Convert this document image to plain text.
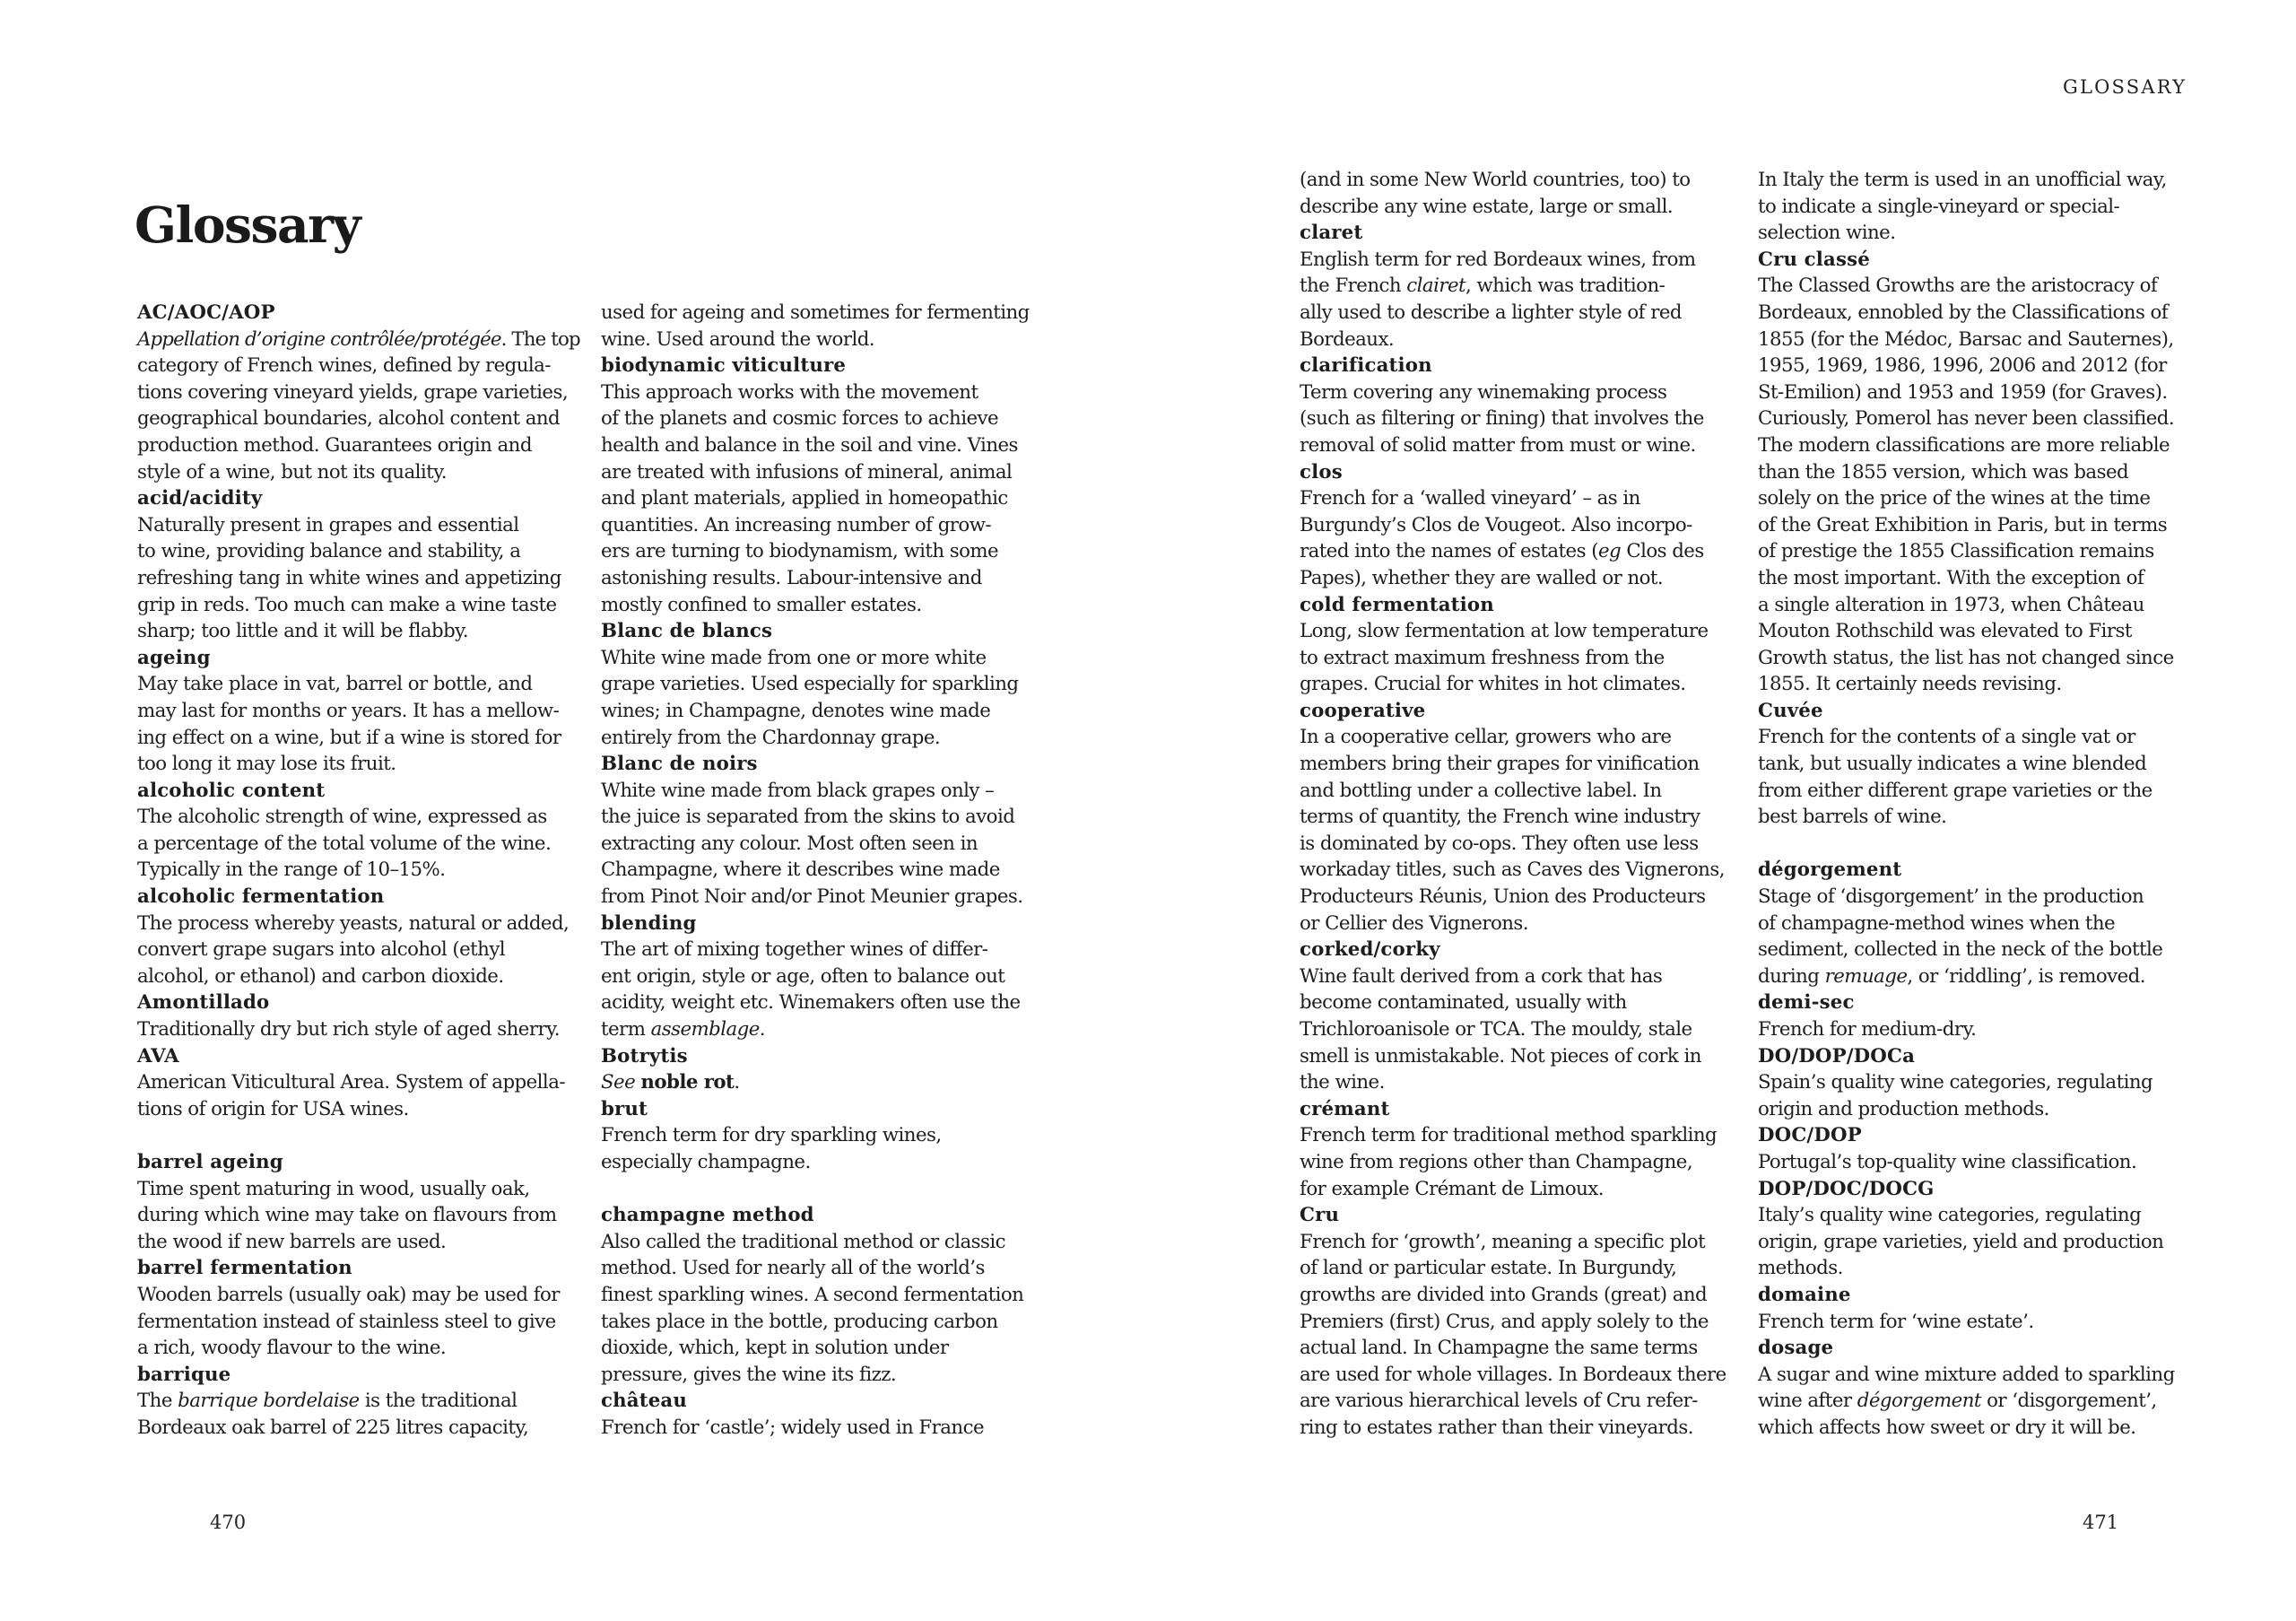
GLOSSARY
Glossary
AC/AOC/AOP
Appellation d’origine contrôlée/protégée. The top
category of French wines, defined by regula-
tions covering vineyard yields, grape varieties,
geographical boundaries, alcohol content and
production method. Guarantees origin and
style of a wine, but not its quality.
acid/acidity
Naturally present in grapes and essential
to wine, providing balance and stability, a
refreshing tang in white wines and appetizing
grip in reds. Too much can make a wine taste
sharp; too little and it will be flabby.
ageing
May take place in vat, barrel or bottle, and
may last for months or years. It has a mellow-
ing effect on a wine, but if a wine is stored for
too long it may lose its fruit.
alcoholic content
The alcoholic strength of wine, expressed as
a percentage of the total volume of the wine.
Typically in the range of 10–15%.
alcoholic fermentation
The process whereby yeasts, natural or added,
convert grape sugars into alcohol (ethyl
alcohol, or ethanol) and carbon dioxide.
Amontillado
Traditionally dry but rich style of aged sherry.
AVA
American Viticultural Area. System of appella-
tions of origin for USA wines.
barrel ageing
Time spent maturing in wood, usually oak,
during which wine may take on flavours from
the wood if new barrels are used.
barrel fermentation
Wooden barrels (usually oak) may be used for
fermentation instead of stainless steel to give
a rich, woody flavour to the wine.
barrique
The barrique bordelaise is the traditional
Bordeaux oak barrel of 225 litres capacity,
used for ageing and sometimes for fermenting
wine. Used around the world.
biodynamic viticulture
This approach works with the movement
of the planets and cosmic forces to achieve
health and balance in the soil and vine. Vines
are treated with infusions of mineral, animal
and plant materials, applied in homeopathic
quantities. An increasing number of grow-
ers are turning to biodynamism, with some
astonishing results. Labour-intensive and
mostly confined to smaller estates.
Blanc de blancs
White wine made from one or more white
grape varieties. Used especially for sparkling
wines; in Champagne, denotes wine made
entirely from the Chardonnay grape.
Blanc de noirs
White wine made from black grapes only –
the juice is separated from the skins to avoid
extracting any colour. Most often seen in
Champagne, where it describes wine made
from Pinot Noir and/or Pinot Meunier grapes.
blending
The art of mixing together wines of differ-
ent origin, style or age, often to balance out
acidity, weight etc. Winemakers often use the
term assemblage.
Botrytis
See noble rot.
brut
French term for dry sparkling wines,
especially champagne.
champagne method
Also called the traditional method or classic
method. Used for nearly all of the world’s
finest sparkling wines. A second fermentation
takes place in the bottle, producing carbon
dioxide, which, kept in solution under
pressure, gives the wine its fizz.
château
French for ‘castle’; widely used in France
(and in some New World countries, too) to
describe any wine estate, large or small.
claret
English term for red Bordeaux wines, from
the French clairet, which was tradition-
ally used to describe a lighter style of red
Bordeaux.
clarification
Term covering any winemaking process
(such as filtering or fining) that involves the
removal of solid matter from must or wine.
clos
French for a ‘walled vineyard’ – as in
Burgundy’s Clos de Vougeot. Also incorpo-
rated into the names of estates (eg Clos des
Papes), whether they are walled or not.
cold fermentation
Long, slow fermentation at low temperature
to extract maximum freshness from the
grapes. Crucial for whites in hot climates.
cooperative
In a cooperative cellar, growers who are
members bring their grapes for vinification
and bottling under a collective label. In
terms of quantity, the French wine industry
is dominated by co-ops. They often use less
workaday titles, such as Caves des Vignerons,
Producteurs Réunis, Union des Producteurs
or Cellier des Vignerons.
corked/corky
Wine fault derived from a cork that has
become contaminated, usually with
Trichloroanisole or TCA. The mouldy, stale
smell is unmistakable. Not pieces of cork in
the wine.
crémant
French term for traditional method sparkling
wine from regions other than Champagne,
for example Crémant de Limoux.
Cru
French for ‘growth’, meaning a specific plot
of land or particular estate. In Burgundy,
growths are divided into Grands (great) and
Premiers (first) Crus, and apply solely to the
actual land. In Champagne the same terms
are used for whole villages. In Bordeaux there
are various hierarchical levels of Cru refer-
ring to estates rather than their vineyards.
In Italy the term is used in an unofficial way,
to indicate a single-vineyard or special-
selection wine.
Cru classé
The Classed Growths are the aristocracy of
Bordeaux, ennobled by the Classifications of
1855 (for the Médoc, Barsac and Sauternes),
1955, 1969, 1986, 1996, 2006 and 2012 (for
St-Emilion) and 1953 and 1959 (for Graves).
Curiously, Pomerol has never been classified.
The modern classifications are more reliable
than the 1855 version, which was based
solely on the price of the wines at the time
of the Great Exhibition in Paris, but in terms
of prestige the 1855 Classification remains
the most important. With the exception of
a single alteration in 1973, when Château
Mouton Rothschild was elevated to First
Growth status, the list has not changed since
1855. It certainly needs revising.
Cuvée
French for the contents of a single vat or
tank, but usually indicates a wine blended
from either different grape varieties or the
best barrels of wine.
dégorgement
Stage of ‘disgorgement’ in the production
of champagne-method wines when the
sediment, collected in the neck of the bottle
during remuage, or ‘riddling’, is removed.
demi-sec
French for medium-dry.
DO/DOP/DOCa
Spain’s quality wine categories, regulating
origin and production methods.
DOC/DOP
Portugal’s top-quality wine classification.
DOP/DOC/DOCG
Italy’s quality wine categories, regulating
origin, grape varieties, yield and production
methods.
domaine
French term for ‘wine estate’.
dosage
A sugar and wine mixture added to sparkling
wine after dégorgement or ‘disgorgement’,
which affects how sweet or dry it will be.
470	471
